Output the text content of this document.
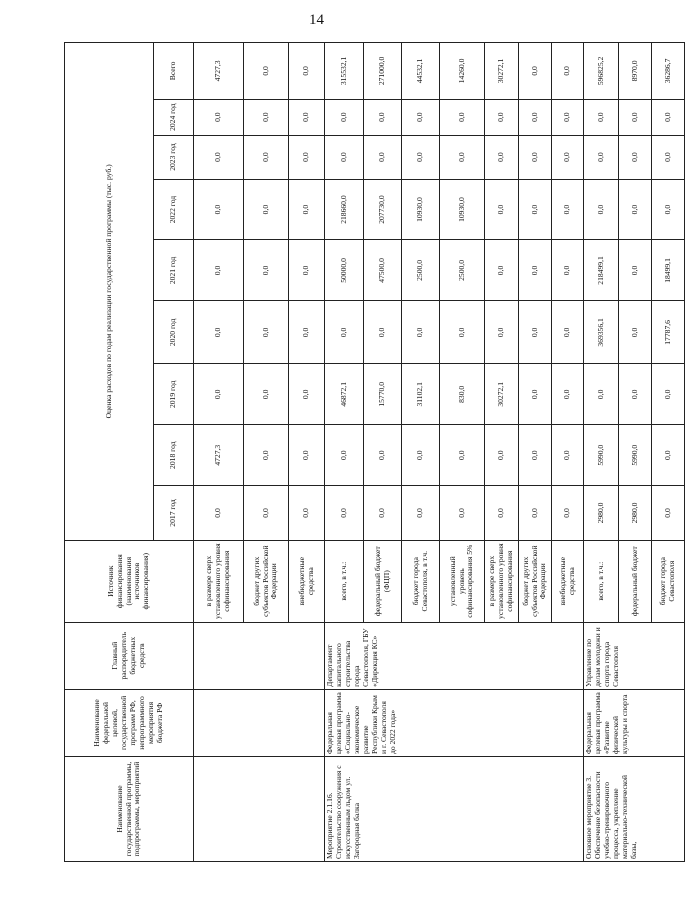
14
Наименование государственной программы, подпрограммы, мероприятий	Наименование федеральной целевой, государственной программ РФ, непрограммного мероприятия бюджета РФ	Главный распорядитель бюджетных средств	Источник финансирования (наименования источников финансирования)	Оценка расходов по годам реализации государственной программы (тыс. руб.)								
				2017 год	2018 год	2019 год	2020 год	2021 год	2022 год	2023 год	2024 год	Всего
			в размере сверх установленного уровня софинансирования	0,0	4727,3	0,0	0,0	0,0	0,0	0,0	0,0	4727,3
			бюджет других субъектов Российской Федерации	0,0	0,0	0,0	0,0	0,0	0,0	0,0	0,0	0,0
			внебюджетные средства	0,0	0,0	0,0	0,0	0,0	0,0	0,0	0,0	0,0
Мероприятие 2.1.16. Строительство сооружения с искусственным льдом ул. Загородная балка	Федеральная целевая программа «Социально-экономическое развитие Республики Крым и г. Севастополя до 2022 года»	Департамент капитального строительства города Севастополя, ГБУ «Дирекция КС»	всего, в т.ч.:	0,0	0,0	46872,1	0,0	50000,0	218660,0	0,0	0,0	315532,1
			федеральный бюджет (ФЦП)	0,0	0,0	15770,0	0,0	47500,0	207730,0	0,0	0,0	271000,0
			бюджет города Севастополя, в т.ч.	0,0	0,0	31102,1	0,0	2500,0	10930,0	0,0	0,0	44532,1
			установленный уровень софинансирования 5%	0,0	0,0	830,0	0,0	2500,0	10930,0	0,0	0,0	14260,0
			в размере сверх установленного уровня софинансирования	0,0	0,0	30272,1	0,0	0,0	0,0	0,0	0,0	30272,1
			бюджет других субъектов Российской Федерации	0,0	0,0	0,0	0,0	0,0	0,0	0,0	0,0	0,0
			внебюджетные средства	0,0	0,0	0,0	0,0	0,0	0,0	0,0	0,0	0,0
Основное мероприятие 3. Обеспечение безопасности учебно-тренировочного процесса, укрепление материально-технической базы,	Федеральная целевая программа «Развитие физической культуры и спорта	Управление по делам молодежи и спорта города Севастополя	всего, в т.ч.:	2980,0	5990,0	0,0	369356,1	218499,1	0,0	0,0	0,0	596825,2
			федеральный бюджет	2980,0	5990,0	0,0	0,0	0,0	0,0	0,0	0,0	8970,0
			бюджет города Севастополя	0,0	0,0	0,0	17787,6	18499,1	0,0	0,0	0,0	36286,7
